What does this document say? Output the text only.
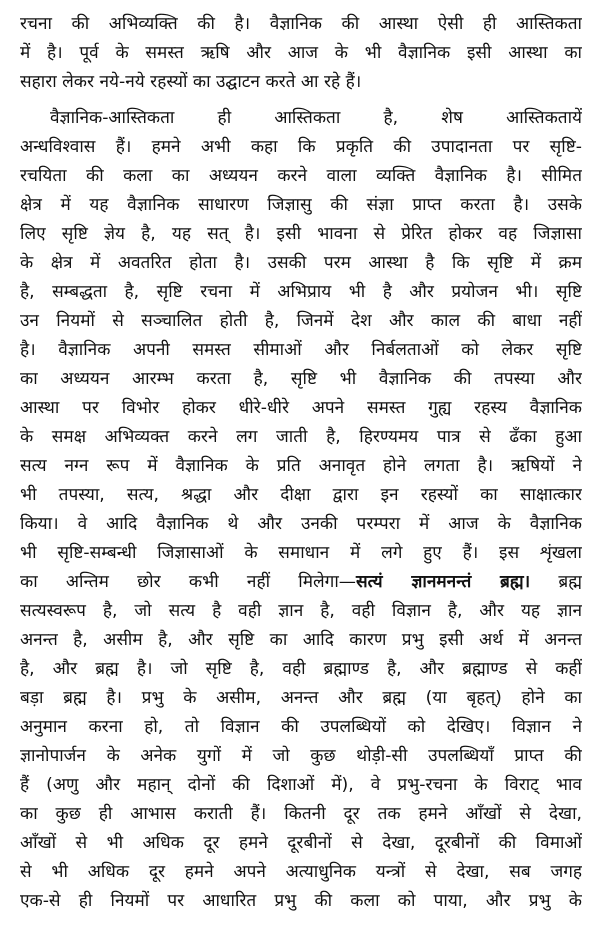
रचना की अभिव्यक्ति की है। वैज्ञानिक की आस्था ऐसी ही आस्तिकता
में है। पूर्व के समस्त ऋषि और आज के भी वैज्ञानिक इसी आस्था का
सहारा लेकर नये-नये रहस्यों का उद्घाटन करते आ रहे हैं।
वैज्ञानिक-आस्तिकता ही आस्तिकता है, शेष आस्तिकतायें
अन्धविश्वास हैं। हमने अभी कहा कि प्रकृति की उपादानता पर सृष्टि-
रचयिता की कला का अध्ययन करने वाला व्यक्ति वैज्ञानिक है। सीमित
क्षेत्र में यह वैज्ञानिक साधारण जिज्ञासु की संज्ञा प्राप्त करता है। उसके
लिए सृष्टि ज्ञेय है, यह सत् है। इसी भावना से प्रेरित होकर वह जिज्ञासा
के क्षेत्र में अवतरित होता है। उसकी परम आस्था है कि सृष्टि में क्रम
है, सम्बद्धता है, सृष्टि रचना में अभिप्राय भी है और प्रयोजन भी। सृष्टि
उन नियमों से सञ्चालित होती है, जिनमें देश और काल की बाधा नहीं
है। वैज्ञानिक अपनी समस्त सीमाओं और निर्बलताओं को लेकर सृष्टि
का अध्ययन आरम्भ करता है, सृष्टि भी वैज्ञानिक की तपस्या और
आस्था पर विभोर होकर धीरे-धीरे अपने समस्त गुह्य रहस्य वैज्ञानिक
के समक्ष अभिव्यक्त करने लग जाती है, हिरण्यमय पात्र से ढँका हुआ
सत्य नग्न रूप में वैज्ञानिक के प्रति अनावृत होने लगता है। ऋषियों ने
भी तपस्या, सत्य, श्रद्धा और दीक्षा द्वारा इन रहस्यों का साक्षात्कार
किया। वे आदि वैज्ञानिक थे और उनकी परम्परा में आज के वैज्ञानिक
भी सृष्टि-सम्बन्धी जिज्ञासाओं के समाधान में लगे हुए हैं। इस शृंखला
का अन्तिम छोर कभी नहीं मिलेगा—सत्यं ज्ञानमनन्तं ब्रह्म। ब्रह्म
सत्यस्वरूप है, जो सत्य है वही ज्ञान है, वही विज्ञान है, और यह ज्ञान
अनन्त है, असीम है, और सृष्टि का आदि कारण प्रभु इसी अर्थ में अनन्त
है, और ब्रह्म है। जो सृष्टि है, वही ब्रह्माण्ड है, और ब्रह्माण्ड से कहीं
बड़ा ब्रह्म है। प्रभु के असीम, अनन्त और ब्रह्म (या बृहत्) होने का
अनुमान करना हो, तो विज्ञान की उपलब्धियों को देखिए। विज्ञान ने
ज्ञानोपार्जन के अनेक युगों में जो कुछ थोड़ी-सी उपलब्धियाँ प्राप्त की
हैं (अणु और महान् दोनों की दिशाओं में), वे प्रभु-रचना के विराट् भाव
का कुछ ही आभास कराती हैं। कितनी दूर तक हमने आँखों से देखा,
आँखों से भी अधिक दूर हमने दूरबीनों से देखा, दूरबीनों की विमाओं
से भी अधिक दूर हमने अपने अत्याधुनिक यन्त्रों से देखा, सब जगह
एक-से ही नियमों पर आधारित प्रभु की कला को पाया, और प्रभु के
